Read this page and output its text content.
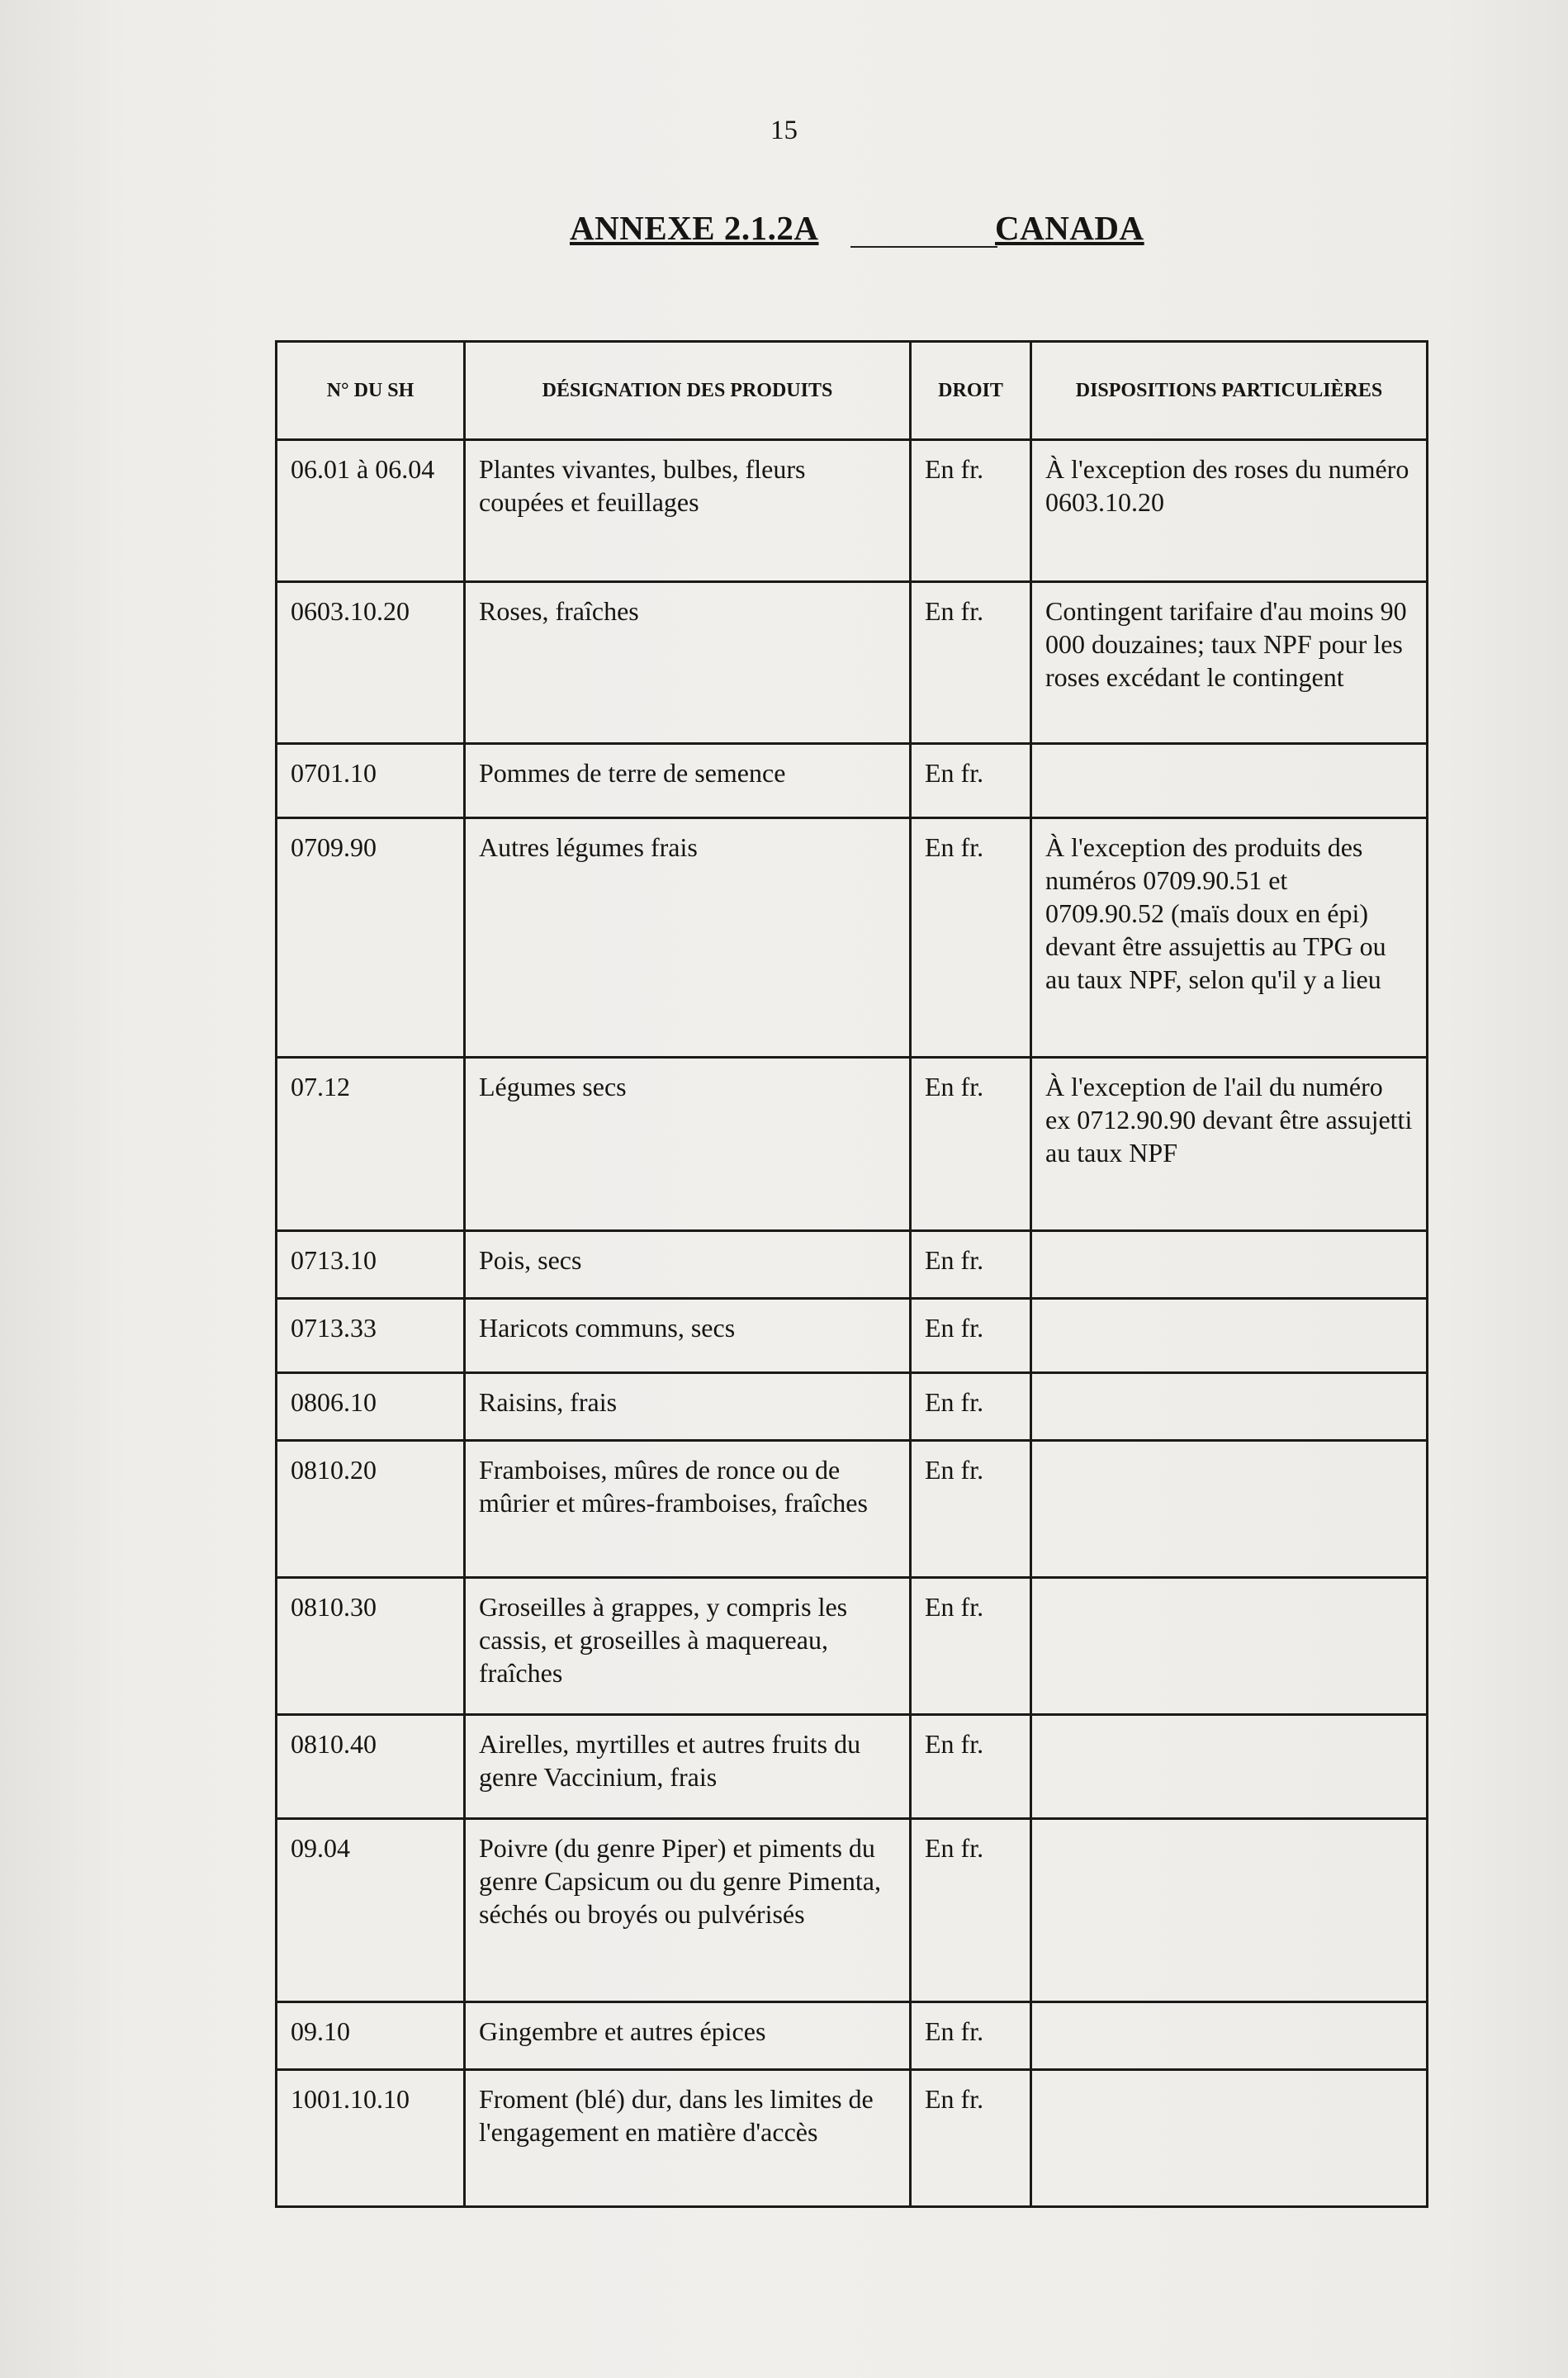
15
ANNEXE 2.1.2A	CANADA
N° DU SH	DÉSIGNATION DES PRODUITS	DROIT	DISPOSITIONS PARTICULIÈRES

06.01 à 06.04	Plantes vivantes, bulbes, fleurs coupées et feuillages	En fr.	À l'exception des roses du numéro 0603.10.20

0603.10.20	Roses, fraîches	En fr.	Contingent tarifaire d'au moins 90 000 douzaines; taux NPF pour les roses excédant le contingent

0701.10	Pommes de terre de semence	En fr.	

0709.90	Autres légumes frais	En fr.	À l'exception des produits des numéros 0709.90.51 et 0709.90.52 (maïs doux en épi) devant être assujettis au TPG ou au taux NPF, selon qu'il y a lieu

07.12	Légumes secs	En fr.	À l'exception de l'ail du numéro ex 0712.90.90 devant être assujetti au taux NPF

0713.10	Pois, secs	En fr.	

0713.33	Haricots communs, secs	En fr.	

0806.10	Raisins, frais	En fr.	

0810.20	Framboises, mûres de ronce ou de mûrier et mûres-framboises, fraîches	En fr.	

0810.30	Groseilles à grappes, y compris les cassis, et groseilles à maquereau, fraîches	En fr.	

0810.40	Airelles, myrtilles et autres fruits du genre Vaccinium, frais	En fr.	

09.04	Poivre (du genre Piper) et piments du genre Capsicum ou du genre Pimenta, séchés ou broyés ou pulvérisés	En fr.	

09.10	Gingembre et autres épices	En fr.	

1001.10.10	Froment (blé) dur, dans les limites de l'engagement en matière d'accès	En fr.	
